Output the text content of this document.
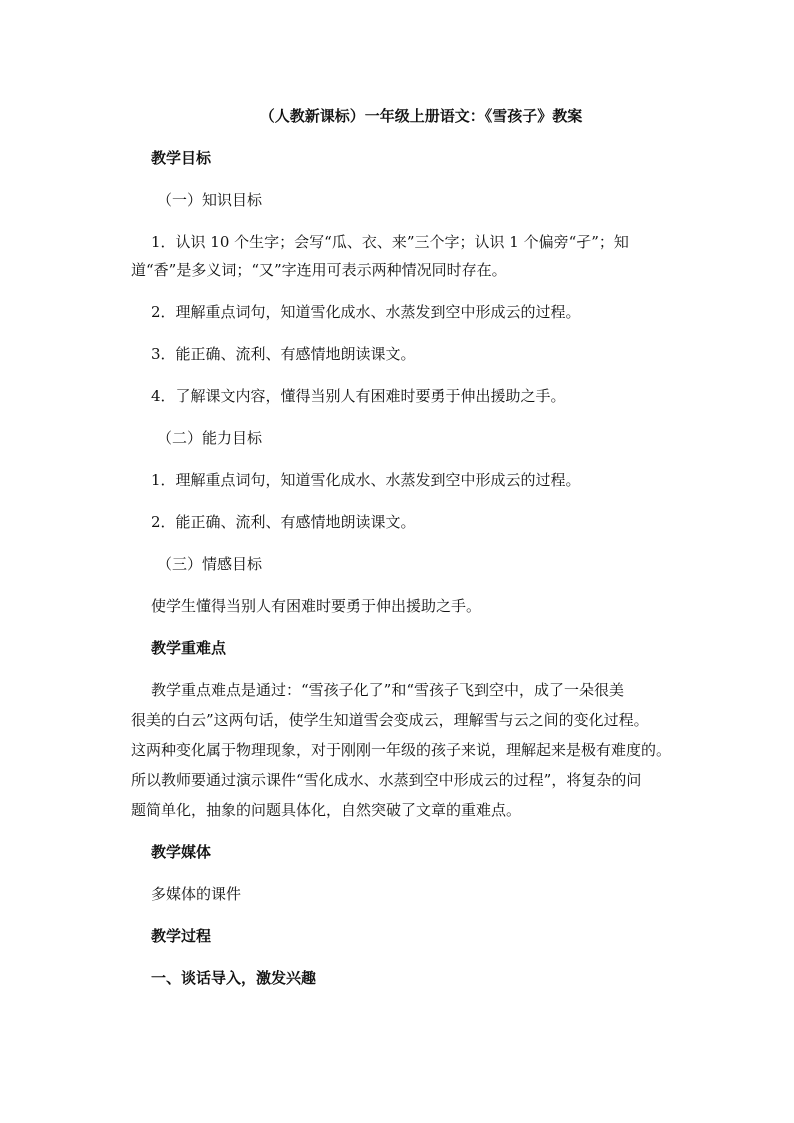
（人教新课标）一年级上册语文：《雪孩子》教案
教学目标
（一）知识目标
1．认识 10 个生字；会写“瓜、衣、来”三个字；认识 1 个偏旁“孑”；知
道“香”是多义词；“又”字连用可表示两种情况同时存在。
2．理解重点词句，知道雪化成水、水蒸发到空中形成云的过程。
3．能正确、流利、有感情地朗读课文。
4．了解课文内容，懂得当别人有困难时要勇于伸出援助之手。
（二）能力目标
1．理解重点词句，知道雪化成水、水蒸发到空中形成云的过程。
2．能正确、流利、有感情地朗读课文。
（三）情感目标
使学生懂得当别人有困难时要勇于伸出援助之手。
教学重难点
教学重点难点是通过：“雪孩子化了”和“雪孩子飞到空中，成了一朵很美
很美的白云”这两句话，使学生知道雪会变成云，理解雪与云之间的变化过程。
这两种变化属于物理现象，对于刚刚一年级的孩子来说，理解起来是极有难度的。
所以教师要通过演示课件“雪化成水、水蒸到空中形成云的过程”，将复杂的问
题简单化，抽象的问题具体化，自然突破了文章的重难点。
教学媒体
多媒体的课件
教学过程
一、谈话导入，激发兴趣
